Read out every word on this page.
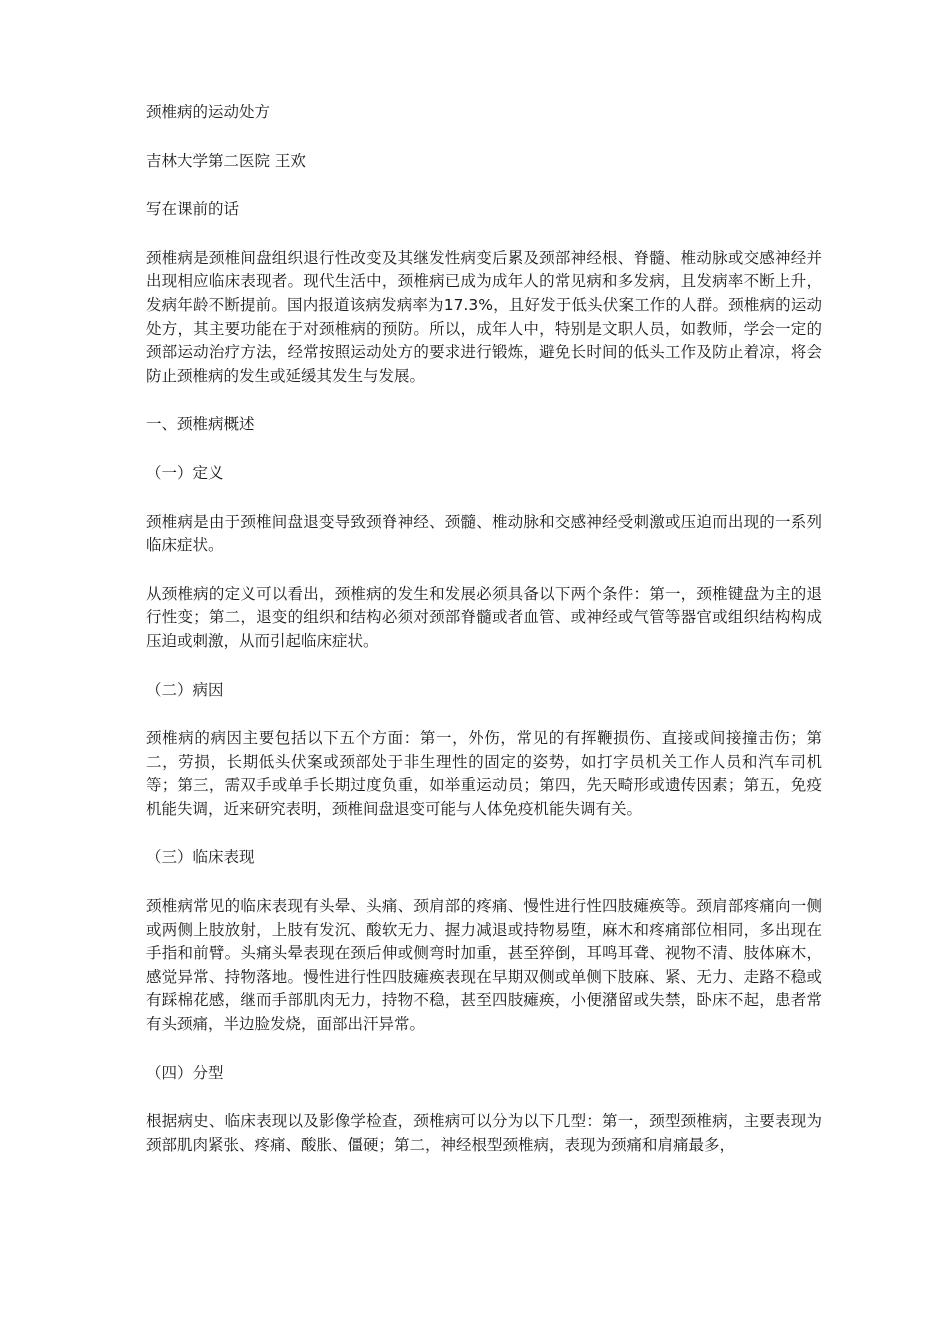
颈椎病的运动处方

吉林大学第二医院 王欢

写在课前的话

颈椎病是颈椎间盘组织退行性改变及其继发性病变后累及颈部神经根、脊髓、椎动脉或交感神经并出现相应临床表现者。现代生活中，颈椎病已成为成年人的常见病和多发病，且发病率不断上升，发病年龄不断提前。国内报道该病发病率为17.3%，且好发于低头伏案工作的人群。颈椎病的运动处方，其主要功能在于对颈椎病的预防。所以，成年人中，特别是文职人员，如教师，学会一定的颈部运动治疗方法，经常按照运动处方的要求进行锻炼，避免长时间的低头工作及防止着凉，将会防止颈椎病的发生或延缓其发生与发展。

一、颈椎病概述

（一）定义

颈椎病是由于颈椎间盘退变导致颈脊神经、颈髓、椎动脉和交感神经受刺激或压迫而出现的一系列临床症状。

从颈椎病的定义可以看出，颈椎病的发生和发展必须具备以下两个条件：第一，颈椎键盘为主的退行性变；第二，退变的组织和结构必须对颈部脊髓或者血管、或神经或气管等器官或组织结构构成压迫或刺激，从而引起临床症状。

（二）病因

颈椎病的病因主要包括以下五个方面：第一，外伤，常见的有挥鞭损伤、直接或间接撞击伤；第二，劳损，长期低头伏案或颈部处于非生理性的固定的姿势，如打字员机关工作人员和汽车司机等；第三，需双手或单手长期过度负重，如举重运动员；第四，先天畸形或遗传因素；第五，免疫机能失调，近来研究表明，颈椎间盘退变可能与人体免疫机能失调有关。

（三）临床表现

颈椎病常见的临床表现有头晕、头痛、颈肩部的疼痛、慢性进行性四肢瘫痪等。颈肩部疼痛向一侧或两侧上肢放射，上肢有发沉、酸软无力、握力减退或持物易堕，麻木和疼痛部位相同，多出现在手指和前臂。头痛头晕表现在颈后伸或侧弯时加重，甚至猝倒，耳鸣耳聋、视物不清、肢体麻木，感觉异常、持物落地。慢性进行性四肢瘫痪表现在早期双侧或单侧下肢麻、紧、无力、走路不稳或有踩棉花感，继而手部肌肉无力，持物不稳，甚至四肢瘫痪，小便潴留或失禁，卧床不起，患者常有头颈痛，半边脸发烧，面部出汗异常。

（四）分型

根据病史、临床表现以及影像学检查，颈椎病可以分为以下几型：第一，颈型颈椎病，主要表现为颈部肌肉紧张、疼痛、酸胀、僵硬；第二，神经根型颈椎病，表现为颈痛和肩痛最多，
